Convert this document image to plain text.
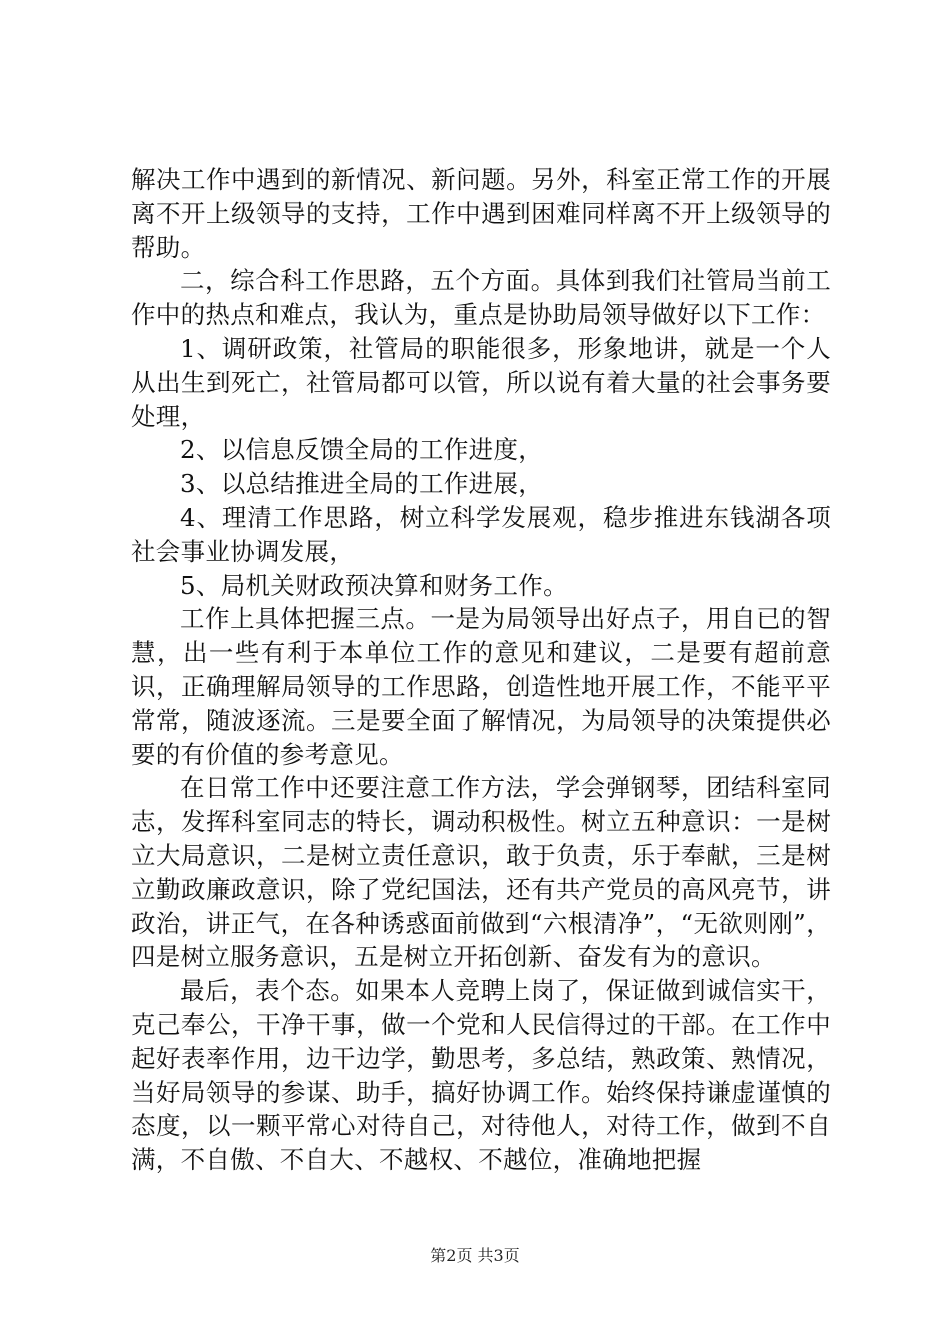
解决工作中遇到的新情况、新问题。另外，科室正常工作的开展离不开上级领导的支持，工作中遇到困难同样离不开上级领导的帮助。

二，综合科工作思路，五个方面。具体到我们社管局当前工作中的热点和难点，我认为，重点是协助局领导做好以下工作：

1、调研政策，社管局的职能很多，形象地讲，就是一个人从出生到死亡，社管局都可以管，所以说有着大量的社会事务要处理，

2、以信息反馈全局的工作进度，

3、以总结推进全局的工作进展，

4、理清工作思路，树立科学发展观，稳步推进东钱湖各项社会事业协调发展，

5、局机关财政预决算和财务工作。

工作上具体把握三点。一是为局领导出好点子，用自已的智慧，出一些有利于本单位工作的意见和建议，二是要有超前意识，正确理解局领导的工作思路，创造性地开展工作，不能平平常常，随波逐流。三是要全面了解情况，为局领导的决策提供必要的有价值的参考意见。

在日常工作中还要注意工作方法，学会弹钢琴，团结科室同志，发挥科室同志的特长，调动积极性。树立五种意识：一是树立大局意识，二是树立责任意识，敢于负责，乐于奉献，三是树立勤政廉政意识，除了党纪国法，还有共产党员的高风亮节，讲政治，讲正气，在各种诱惑面前做到“六根清净”，“无欲则刚”，四是树立服务意识，五是树立开拓创新、奋发有为的意识。

最后，表个态。如果本人竞聘上岗了，保证做到诚信实干，克己奉公，干净干事，做一个党和人民信得过的干部。在工作中起好表率作用，边干边学，勤思考，多总结，熟政策、熟情况，当好局领导的参谋、助手，搞好协调工作。始终保持谦虚谨慎的态度，以一颗平常心对待自己，对待他人，对待工作，做到不自满，不自傲、不自大、不越权、不越位，准确地把握

第2页 共3页
